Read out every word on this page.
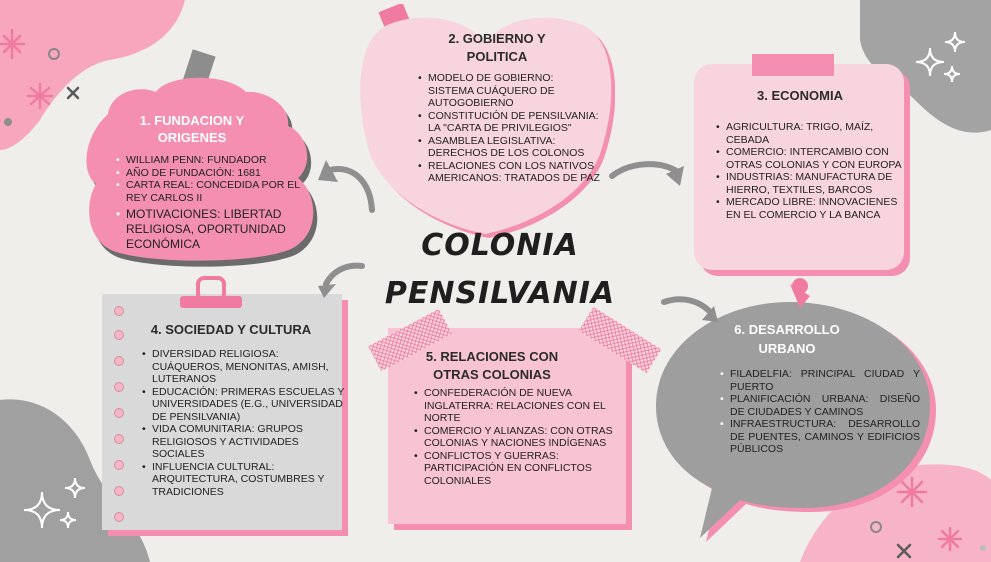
1. FUNDACION Y ORIGENES
• WILLIAM PENN: FUNDADOR
• AÑO DE FUNDACIÓN: 1681
• CARTA REAL: CONCEDIDA POR EL REY CARLOS II
• MOTIVACIONES: LIBERTAD RELIGIOSA, OPORTUNIDAD ECONÓMICA
2. GOBIERNO Y POLITICA
• MODELO DE GOBIERNO: SISTEMA CUÁQUERO DE AUTOGOBIERNO
• CONSTITUCIÓN DE PENSILVANIA: LA "CARTA DE PRIVILEGIOS"
• ASAMBLEA LEGISLATIVA: DERECHOS DE LOS COLONOS
• RELACIONES CON LOS NATIVOS AMERICANOS: TRATADOS DE PAZ
3. ECONOMIA
• AGRICULTURA: TRIGO, MAÍZ, CEBADA
• COMERCIO: INTERCAMBIO CON OTRAS COLONIAS Y CON EUROPA
• INDUSTRIAS: MANUFACTURA DE HIERRO, TEXTILES, BARCOS
• MERCADO LIBRE: INNOVACIENES EN EL COMERCIO Y LA BANCA
4. SOCIEDAD Y CULTURA
• DIVERSIDAD RELIGIOSA: CUÁQUEROS, MENONITAS, AMISH, LUTERANOS
• EDUCACIÓN: PRIMERAS ESCUELAS Y UNIVERSIDADES (E.G., UNIVERSIDAD DE PENSILVANIA)
• VIDA COMUNITARIA: GRUPOS RELIGIOSOS Y ACTIVIDADES SOCIALES
• INFLUENCIA CULTURAL: ARQUITECTURA, COSTUMBRES Y TRADICIONES
5. RELACIONES CON OTRAS COLONIAS
• CONFEDERACIÓN DE NUEVA INGLATERRA: RELACIONES CON EL NORTE
• COMERCIO Y ALIANZAS: CON OTRAS COLONIAS Y NACIONES INDÍGENAS
• CONFLICTOS Y GUERRAS: PARTICIPACIÓN EN CONFLICTOS COLONIALES
6. DESARROLLO URBANO
• FILADELFIA: PRINCIPAL CIUDAD Y PUERTO
• PLANIFICACIÓN URBANA: DISEÑO DE CIUDADES Y CAMINOS
• INFRAESTRUCTURA: DESARROLLO DE PUENTES, CAMINOS Y EDIFICIOS PÚBLICOS
COLONIA
PENSILVANIA
